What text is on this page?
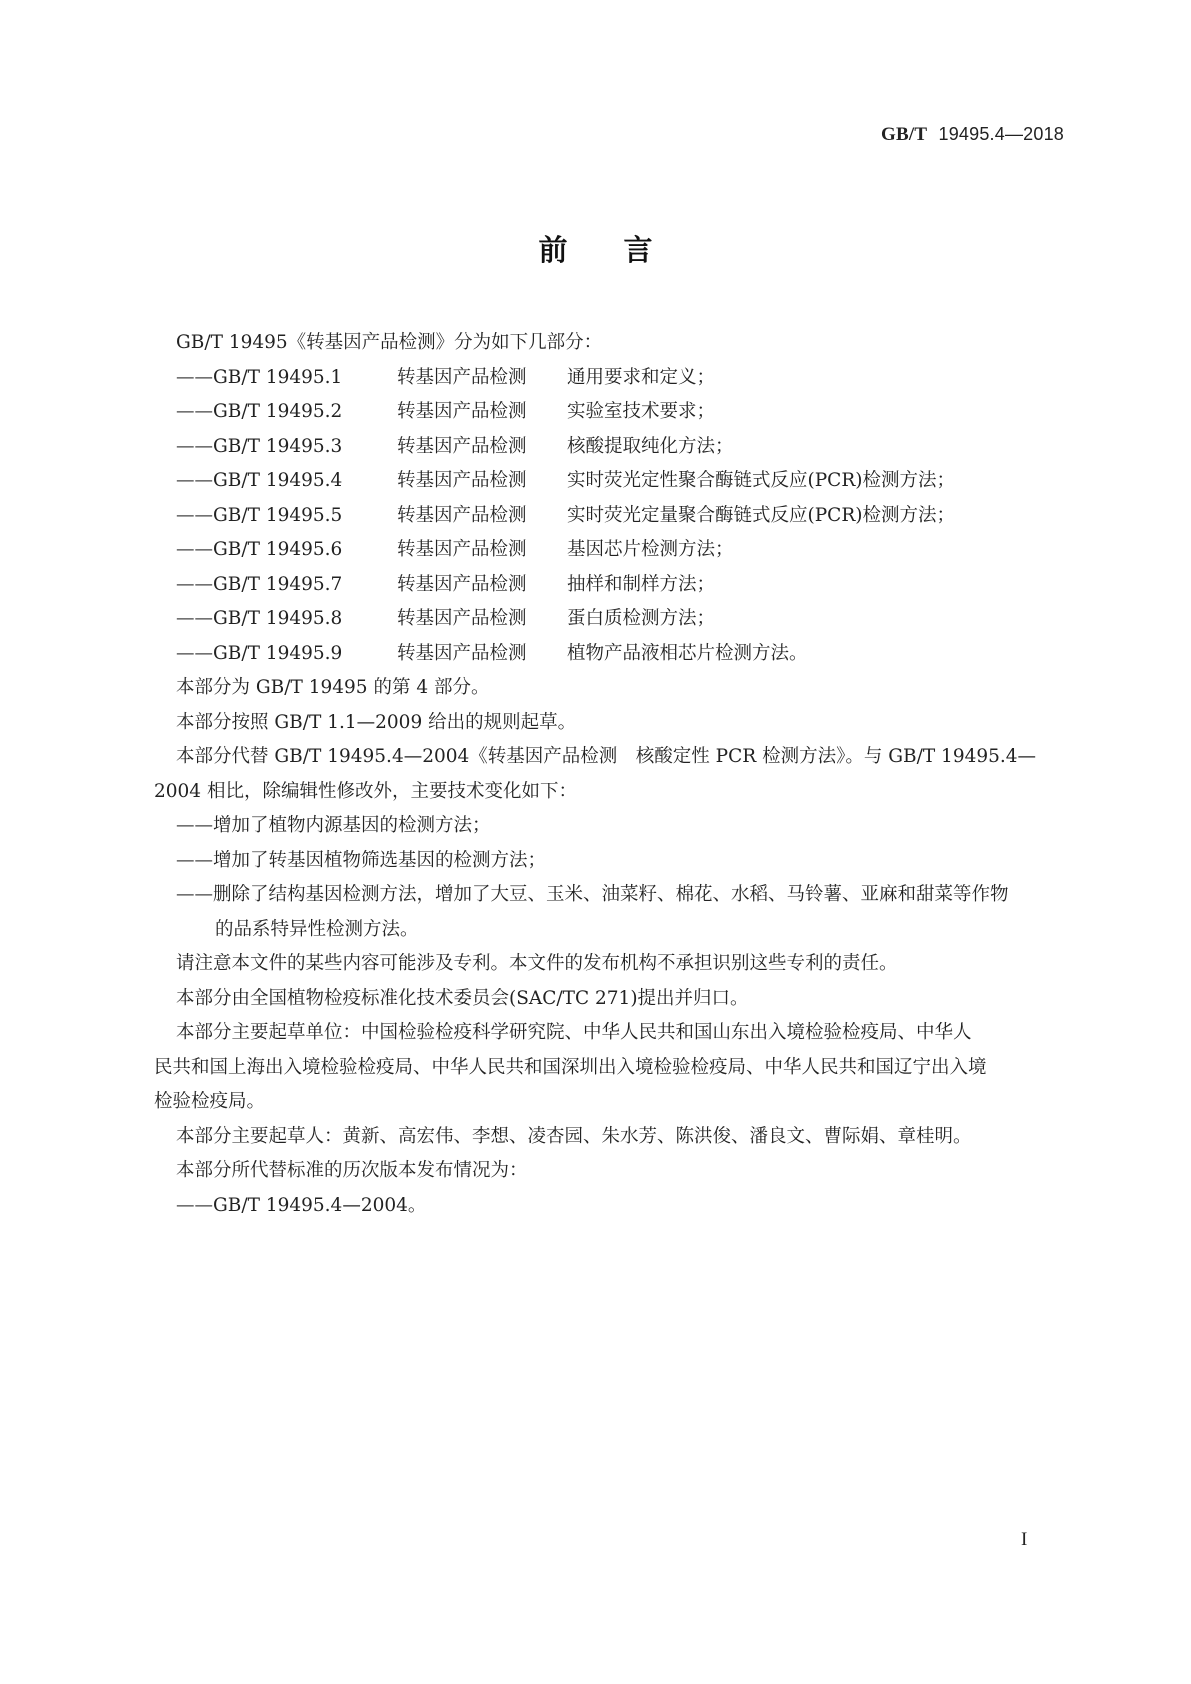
GB/T 19495.4—2018
前言

GB/T 19495《转基因产品检测》分为如下几部分：

——GB/T 19495.1	转基因产品检测 通用要求和定义；

——GB/T 19495.2	转基因产品检测 实验室技术要求；

——GB/T 19495.3	转基因产品检测 核酸提取纯化方法；

——GB/T 19495.4	转基因产品检测 实时荧光定性聚合酶链式反应(PCR)检测方法；

——GB/T 19495.5	转基因产品检测 实时荧光定量聚合酶链式反应(PCR)检测方法；

——GB/T 19495.6	转基因产品检测 基因芯片检测方法；

——GB/T 19495.7	转基因产品检测 抽样和制样方法；

——GB/T 19495.8	转基因产品检测 蛋白质检测方法；

——GB/T 19495.9	转基因产品检测 植物产品液相芯片检测方法。

本部分为 GB/T 19495 的第 4 部分。

本部分按照 GB/T 1.1—2009 给出的规则起草。

本部分代替 GB/T 19495.4—2004《转基因产品检测　核酸定性 PCR 检测方法》。与 GB/T 19495.4—

2004 相比，除编辑性修改外，主要技术变化如下：

——增加了植物内源基因的检测方法；

——增加了转基因植物筛选基因的检测方法；

——删除了结构基因检测方法，增加了大豆、玉米、油菜籽、棉花、水稻、马铃薯、亚麻和甜菜等作物

的品系特异性检测方法。

请注意本文件的某些内容可能涉及专利。本文件的发布机构不承担识别这些专利的责任。

本部分由全国植物检疫标准化技术委员会(SAC/TC 271)提出并归口。

本部分主要起草单位：中国检验检疫科学研究院、中华人民共和国山东出入境检验检疫局、中华人

民共和国上海出入境检验检疫局、中华人民共和国深圳出入境检验检疫局、中华人民共和国辽宁出入境

检验检疫局。

本部分主要起草人：黄新、高宏伟、李想、凌杏园、朱水芳、陈洪俊、潘良文、曹际娟、章桂明。

本部分所代替标准的历次版本发布情况为：

——GB/T 19495.4—2004。

I
